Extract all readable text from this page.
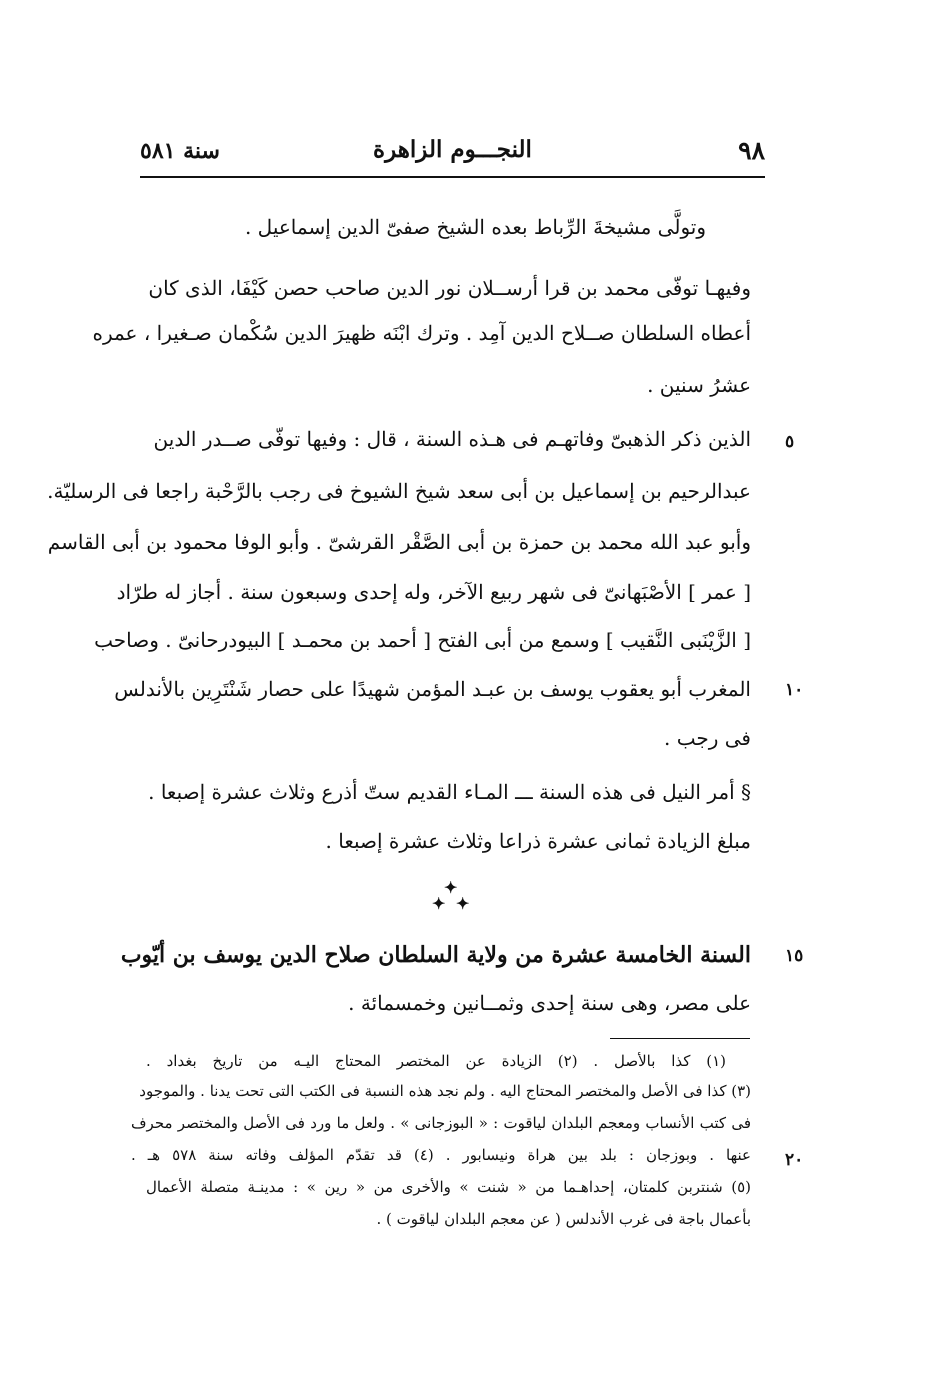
٩٨
النجـــوم الزاهرة
سنة ٥٨١
وتولَّى مشيخةَ الرِّباط بعده الشيخ صفىّ الدين إسماعيل .
وفيهـا توفّى محمد بن قرا أرســلان نور الدين صاحب حصن كَيْفَا، الذى كان
أعطاه السلطان صــلاح الدين آمِد . وترك ابْنَه ظهيرَ الدين سُكْمان صـغيرا ، عمره
عشرُ سنين .
الذين ذكر الذهبىّ وفاتهـم فى هـذه السنة ، قال : وفيها توفّى صــدر الدين
عبدالرحيم بن إسماعيل بن أبى سعد شيخ الشيوخ فى رجب بالرَّحْبة راجعا فى الرسليّة.
وأبو عبد الله محمد بن حمزة بن أبى الصَّقْر القرشىّ . وأبو الوفا محمود بن أبى القاسم
[ عمر ] الأصْبَهانىّ فى شهر ربيع الآخر، وله إحدى وسبعون سنة . أجاز له طرّاد
[ الزَّيْنَبى النَّقيب ] وسمع من أبى الفتح [ أحمد بن محمـد ] البيودرحانىّ . وصاحب
المغرب أبو يعقوب يوسف بن عبـد المؤمن شهيدًا على حصار شَنْتَرِين بالأندلس
فى رجب .
§ أمر النيل فى هذه السنة ـــ المـاء القديم ستّ أذرع وثلاث عشرة إصبعا .
مبلغ الزيادة ثمانى عشرة ذراعا وثلاث عشرة إصبعا .
✦
✦ ✦
السنة الخامسة عشرة من ولاية السلطان صلاح الدين يوسف بن أيّوب
على مصر، وهى سنة إحدى وثمــانين وخمسمائة .
(١) كذا بالأصل . (٢) الزيادة عن المختصر المحتاج اليـه من تاريخ بغداد .
(٣) كذا فى الأصل والمختصر المحتاج اليه . ولم نجد هذه النسبة فى الكتب التى تحت يدنا . والموجود
فى كتب الأنساب ومعجم البلدان لياقوت : « البوزجانى » . ولعل ما ورد فى الأصل والمختصر محرف
عنها . وبوزجان : بلد بين هراة ونيسابور . (٤) قد تقدّم المؤلف وفاته سنة ٥٧٨ هـ .
(٥) شنتربن كلمتان، إحداهـما من « شنت » والأخرى من « رين » : مدينـة متصلة الأعمال
بأعمال باجة فى غرب الأندلس ( عن معجم البلدان لياقوت ) .
٥
١٠
١٥
٢٠
